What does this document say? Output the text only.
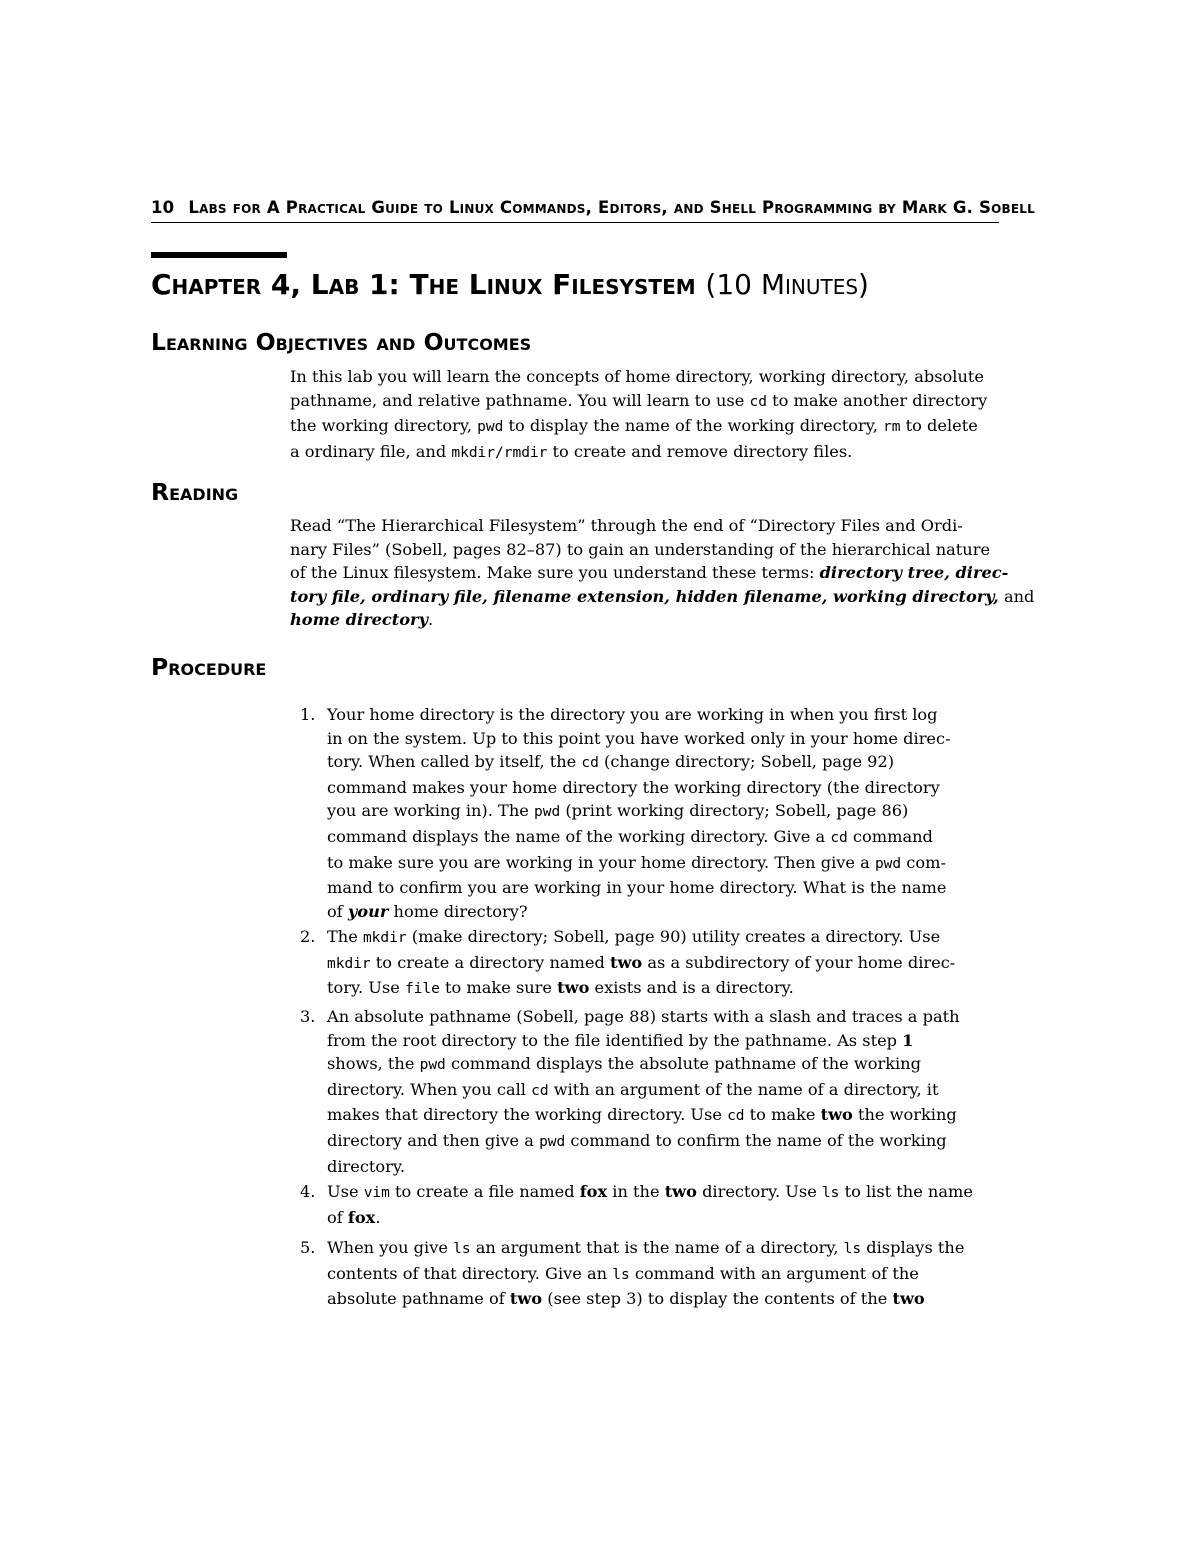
10 Labs for A Practical Guide to Linux Commands, Editors, and Shell Programming by Mark G. Sobell
Chapter 4, Lab 1: The Linux Filesystem (10 Minutes)
Learning Objectives and Outcomes
In this lab you will learn the concepts of home directory, working directory, absolute
pathname, and relative pathname. You will learn to use cd to make another directory
the working directory, pwd to display the name of the working directory, rm to delete
a ordinary file, and mkdir/rmdir to create and remove directory files.
Reading
Read “The Hierarchical Filesystem” through the end of “Directory Files and Ordi-
nary Files” (Sobell, pages 82–87) to gain an understanding of the hierarchical nature
of the Linux filesystem. Make sure you understand these terms: directory tree, direc-
tory file, ordinary file, filename extension, hidden filename, working directory, and
home directory.
Procedure
1. Your home directory is the directory you are working in when you first log
in on the system. Up to this point you have worked only in your home direc-
tory. When called by itself, the cd (change directory; Sobell, page 92)
command makes your home directory the working directory (the directory
you are working in). The pwd (print working directory; Sobell, page 86)
command displays the name of the working directory. Give a cd command
to make sure you are working in your home directory. Then give a pwd com-
mand to confirm you are working in your home directory. What is the name
of your home directory?
2. The mkdir (make directory; Sobell, page 90) utility creates a directory. Use
mkdir to create a directory named two as a subdirectory of your home direc-
tory. Use file to make sure two exists and is a directory.
3. An absolute pathname (Sobell, page 88) starts with a slash and traces a path
from the root directory to the file identified by the pathname. As step 1
shows, the pwd command displays the absolute pathname of the working
directory. When you call cd with an argument of the name of a directory, it
makes that directory the working directory. Use cd to make two the working
directory and then give a pwd command to confirm the name of the working
directory.
4. Use vim to create a file named fox in the two directory. Use ls to list the name
of fox.
5. When you give ls an argument that is the name of a directory, ls displays the
contents of that directory. Give an ls command with an argument of the
absolute pathname of two (see step 3) to display the contents of the two
